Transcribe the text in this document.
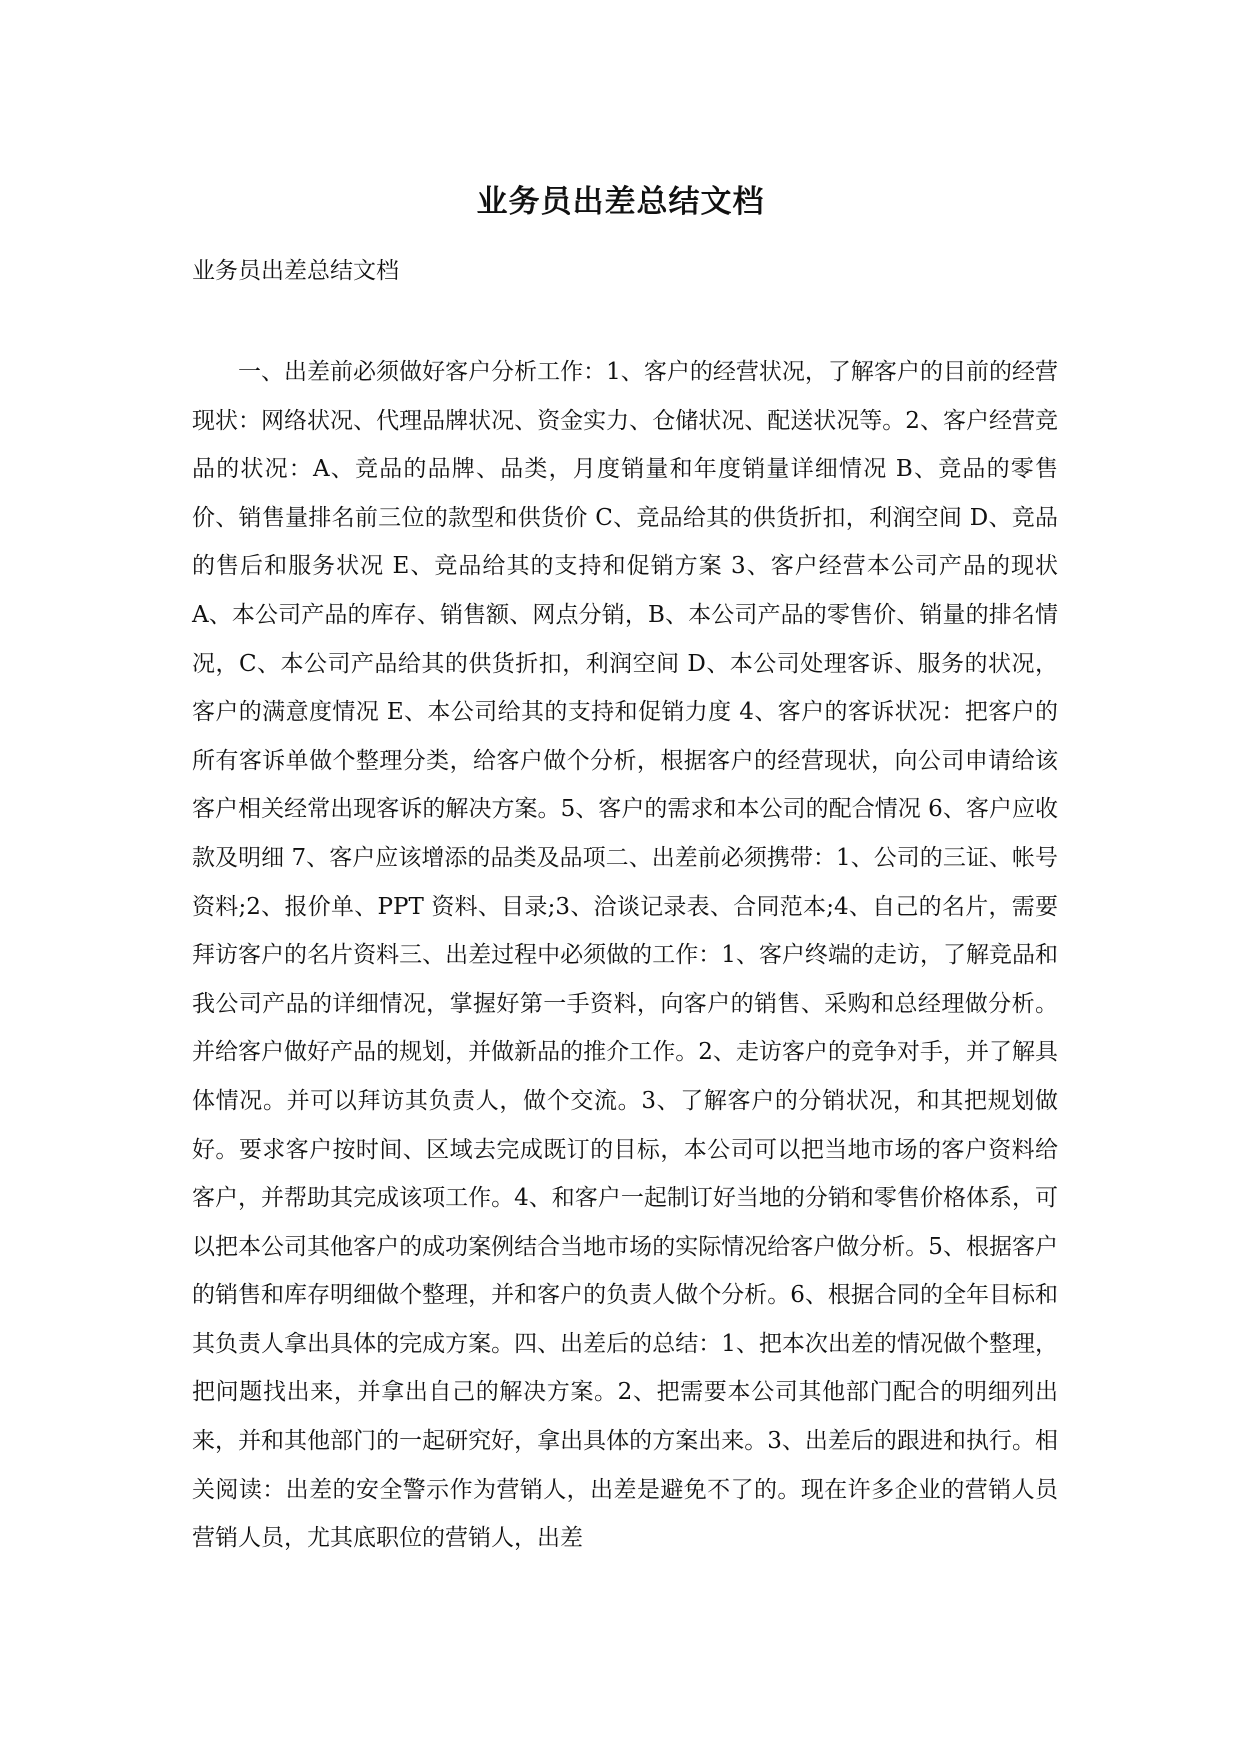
业务员出差总结文档

业务员出差总结文档

一、出差前必须做好客户分析工作：1、客户的经营状况，了解客户的目前的经营现状：网络状况、代理品牌状况、资金实力、仓储状况、配送状况等。2、客户经营竞品的状况：A、竞品的品牌、品类，月度销量和年度销量详细情况 B、竞品的零售价、销售量排名前三位的款型和供货价 C、竞品给其的供货折扣，利润空间 D、竞品的售后和服务状况 E、竞品给其的支持和促销方案 3、客户经营本公司产品的现状 A、本公司产品的库存、销售额、网点分销，B、本公司产品的零售价、销量的排名情况，C、本公司产品给其的供货折扣，利润空间 D、本公司处理客诉、服务的状况，客户的满意度情况 E、本公司给其的支持和促销力度 4、客户的客诉状况：把客户的所有客诉单做个整理分类，给客户做个分析，根据客户的经营现状，向公司申请给该客户相关经常出现客诉的解决方案。5、客户的需求和本公司的配合情况 6、客户应收款及明细 7、客户应该增添的品类及品项二、出差前必须携带：1、公司的三证、帐号资料;2、报价单、PPT 资料、目录;3、洽谈记录表、合同范本;4、自己的名片，需要拜访客户的名片资料三、出差过程中必须做的工作：1、客户终端的走访，了解竞品和我公司产品的详细情况，掌握好第一手资料，向客户的销售、采购和总经理做分析。并给客户做好产品的规划，并做新品的推介工作。2、走访客户的竞争对手，并了解具体情况。并可以拜访其负责人，做个交流。3、了解客户的分销状况，和其把规划做好。要求客户按时间、区域去完成既订的目标，本公司可以把当地市场的客户资料给客户，并帮助其完成该项工作。4、和客户一起制订好当地的分销和零售价格体系，可以把本公司其他客户的成功案例结合当地市场的实际情况给客户做分析。5、根据客户的销售和库存明细做个整理，并和客户的负责人做个分析。6、根据合同的全年目标和其负责人拿出具体的完成方案。四、出差后的总结：1、把本次出差的情况做个整理，把问题找出来，并拿出自己的解决方案。2、把需要本公司其他部门配合的明细列出来，并和其他部门的一起研究好，拿出具体的方案出来。3、出差后的跟进和执行。相关阅读：出差的安全警示作为营销人，出差是避免不了的。现在许多企业的营销人员营销人员，尤其底职位的营销人，出差
